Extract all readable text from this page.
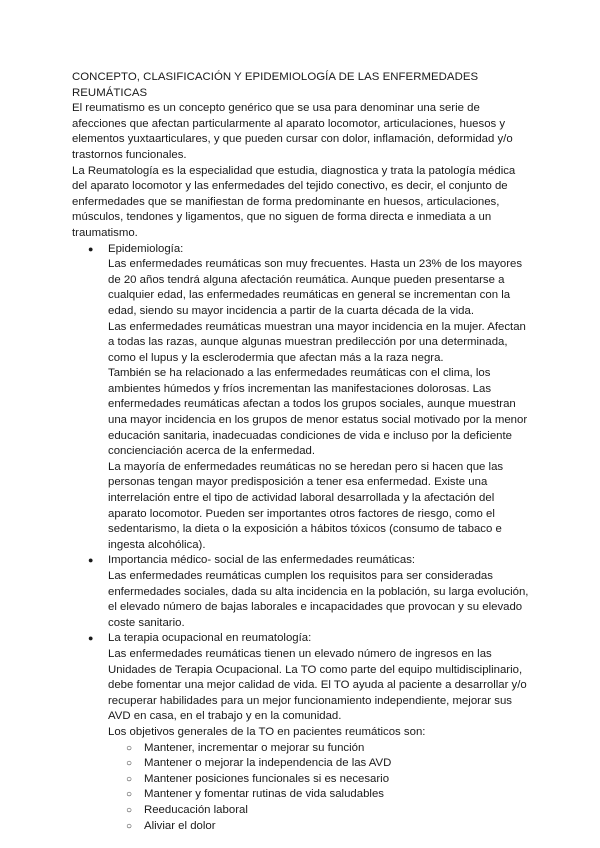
CONCEPTO, CLASIFICACIÓN Y EPIDEMIOLOGÍA DE LAS ENFERMEDADES REUMÁTICAS

El reumatismo es un concepto genérico que se usa para denominar una serie de afecciones que afectan particularmente al aparato locomotor, articulaciones, huesos y elementos yuxtaarticulares, y que pueden cursar con dolor, inflamación, deformidad y/o trastornos funcionales.

La Reumatología es la especialidad que estudia, diagnostica y trata la patología médica del aparato locomotor y las enfermedades del tejido conectivo, es decir, el conjunto de enfermedades que se manifiestan de forma predominante en huesos, articulaciones, músculos, tendones y ligamentos, que no siguen de forma directa e inmediata a un traumatismo.

● Epidemiología:

Las enfermedades reumáticas son muy frecuentes. Hasta un 23% de los mayores de 20 años tendrá alguna afectación reumática. Aunque pueden presentarse a cualquier edad, las enfermedades reumáticas en general se incrementan con la edad, siendo su mayor incidencia a partir de la cuarta década de la vida.

Las enfermedades reumáticas muestran una mayor incidencia en la mujer. Afectan a todas las razas, aunque algunas muestran predilección por una determinada, como el lupus y la esclerodermia que afectan más a la raza negra.

También se ha relacionado a las enfermedades reumáticas con el clima, los ambientes húmedos y fríos incrementan las manifestaciones dolorosas. Las enfermedades reumáticas afectan a todos los grupos sociales, aunque muestran una mayor incidencia en los grupos de menor estatus social motivado por la menor educación sanitaria, inadecuadas condiciones de vida e incluso por la deficiente concienciación acerca de la enfermedad.

La mayoría de enfermedades reumáticas no se heredan pero si hacen que las personas tengan mayor predisposición a tener esa enfermedad. Existe una interrelación entre el tipo de actividad laboral desarrollada y la afectación del aparato locomotor. Pueden ser importantes otros factores de riesgo, como el sedentarismo, la dieta o la exposición a hábitos tóxicos (consumo de tabaco e ingesta alcohólica).

● Importancia médico- social de las enfermedades reumáticas:

Las enfermedades reumáticas cumplen los requisitos para ser consideradas enfermedades sociales, dada su alta incidencia en la población, su larga evolución, el elevado número de bajas laborales e incapacidades que provocan y su elevado coste sanitario.

● La terapia ocupacional en reumatología:

Las enfermedades reumáticas tienen un elevado número de ingresos en las Unidades de Terapia Ocupacional. La TO como parte del equipo multidisciplinario, debe fomentar una mejor calidad de vida. El TO ayuda al paciente a desarrollar y/o recuperar habilidades para un mejor funcionamiento independiente, mejorar sus AVD en casa, en el trabajo y en la comunidad.

Los objetivos generales de la TO en pacientes reumáticos son:

○ Mantener, incrementar o mejorar su función
○ Mantener o mejorar la independencia de las AVD
○ Mantener posiciones funcionales si es necesario
○ Mantener y fomentar rutinas de vida saludables
○ Reeducación laboral
○ Aliviar el dolor
